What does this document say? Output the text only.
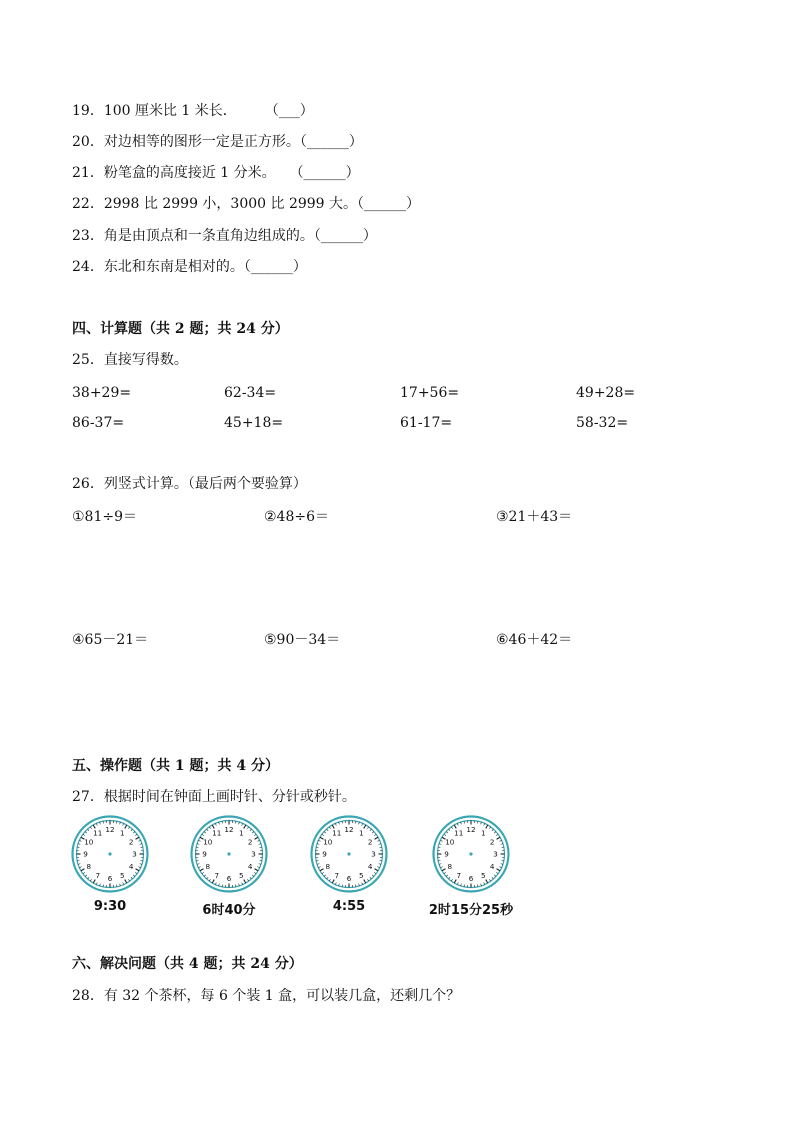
19．100 厘米比 1 米长．　　　（___）
20．对边相等的图形一定是正方形。（______）
21．粉笔盒的高度接近 1 分米。　　（______）
22．2998 比 2999 小，3000 比 2999 大。（______）
23．角是由顶点和一条直角边组成的。（______）
24．东北和东南是相对的。（______）
四、计算题（共 2 题；共 24 分）
25．直接写得数。
38+29=	62-34=	17+56=	49+28=
86-37=	45+18=	61-17=	58-32=
26．列竖式计算。（最后两个要验算）
①81÷9＝	②48÷6＝	③21＋43＝
④65－21＝	⑤90－34＝	⑥46＋42＝
五、操作题（共 1 题；共 4 分）
27．根据时间在钟面上画时针、分针或秒针。
12 1
2
3
4
5
6
7
8
9
10
11	12 1
2
3
4
5
6
7
8
9
10
11	12 1
2
3
4
5
6
7
8
9
10
11	12 1
2
3
4
5
6
7
8
9
10
11
9:30	6时40分	4:55	2时15分25秒
六、解决问题（共 4 题；共 24 分）
28．有 32 个茶杯，每 6 个装 1 盒，可以装几盒，还剩几个？
